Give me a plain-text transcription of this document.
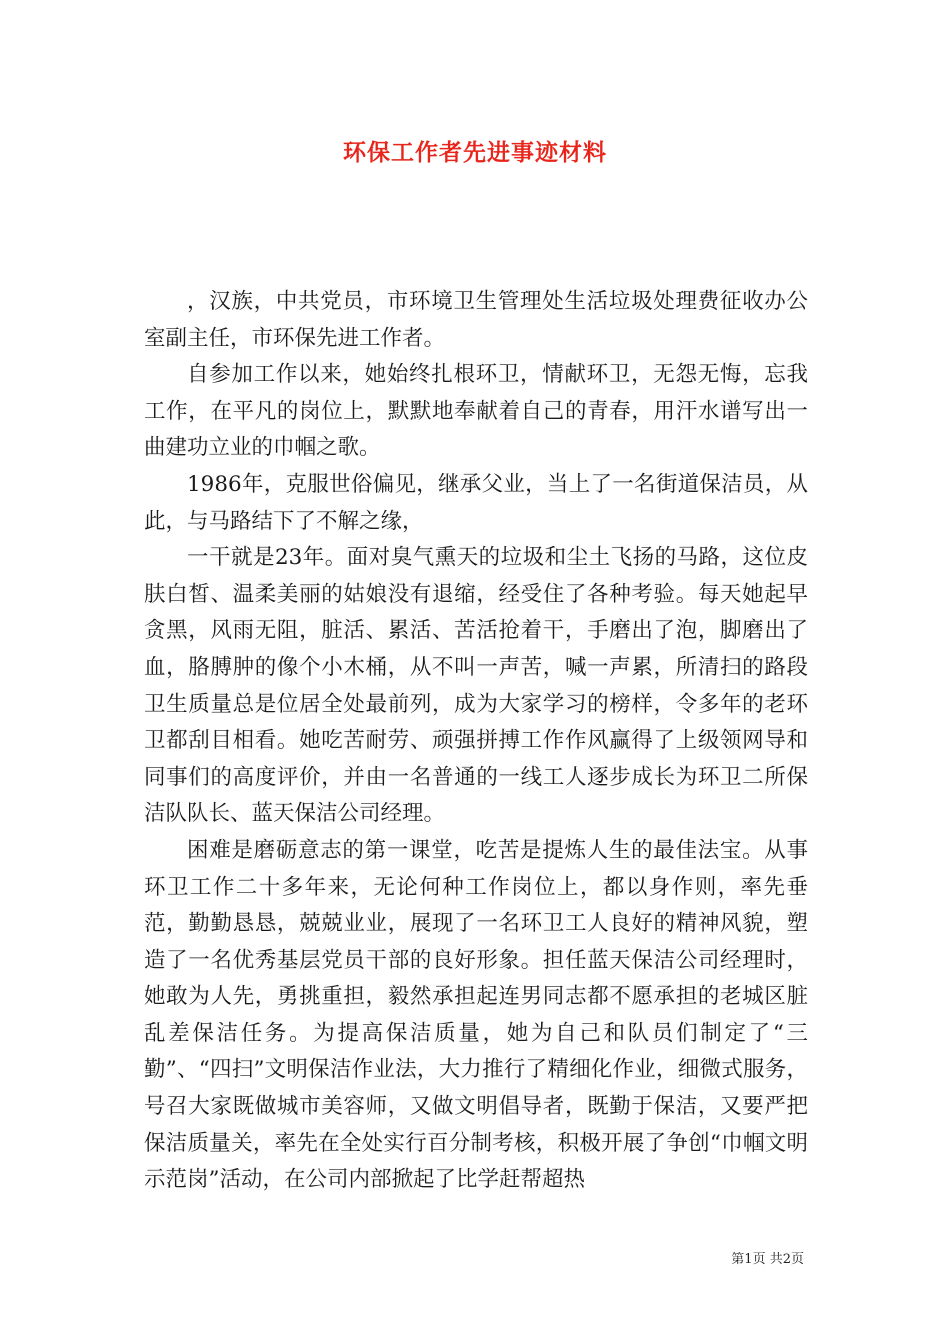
环保工作者先进事迹材料

，汉族，中共党员，市环境卫生管理处生活垃圾处理费征收办公室副主任，市环保先进工作者。

自参加工作以来，她始终扎根环卫，情献环卫，无怨无悔，忘我工作，在平凡的岗位上，默默地奉献着自己的青春，用汗水谱写出一曲建功立业的巾帼之歌。

1986年，克服世俗偏见，继承父业，当上了一名街道保洁员，从此，与马路结下了不解之缘，

一干就是23年。面对臭气熏天的垃圾和尘土飞扬的马路，这位皮肤白皙、温柔美丽的姑娘没有退缩，经受住了各种考验。每天她起早贪黑，风雨无阻，脏活、累活、苦活抢着干，手磨出了泡，脚磨出了血，胳膊肿的像个小木桶，从不叫一声苦，喊一声累，所清扫的路段卫生质量总是位居全处最前列，成为大家学习的榜样，令多年的老环卫都刮目相看。她吃苦耐劳、顽强拼搏工作作风赢得了上级领网导和同事们的高度评价，并由一名普通的一线工人逐步成长为环卫二所保洁队队长、蓝天保洁公司经理。

困难是磨砺意志的第一课堂，吃苦是提炼人生的最佳法宝。从事环卫工作二十多年来，无论何种工作岗位上，都以身作则，率先垂范，勤勤恳恳，兢兢业业，展现了一名环卫工人良好的精神风貌，塑造了一名优秀基层党员干部的良好形象。担任蓝天保洁公司经理时，她敢为人先，勇挑重担，毅然承担起连男同志都不愿承担的老城区脏乱差保洁任务。为提高保洁质量，她为自己和队员们制定了“三勤”、“四扫”文明保洁作业法，大力推行了精细化作业，细微式服务，号召大家既做城市美容师，又做文明倡导者，既勤于保洁，又要严把保洁质量关，率先在全处实行百分制考核，积极开展了争创“巾帼文明示范岗”活动，在公司内部掀起了比学赶帮超热

第1页 共2页
